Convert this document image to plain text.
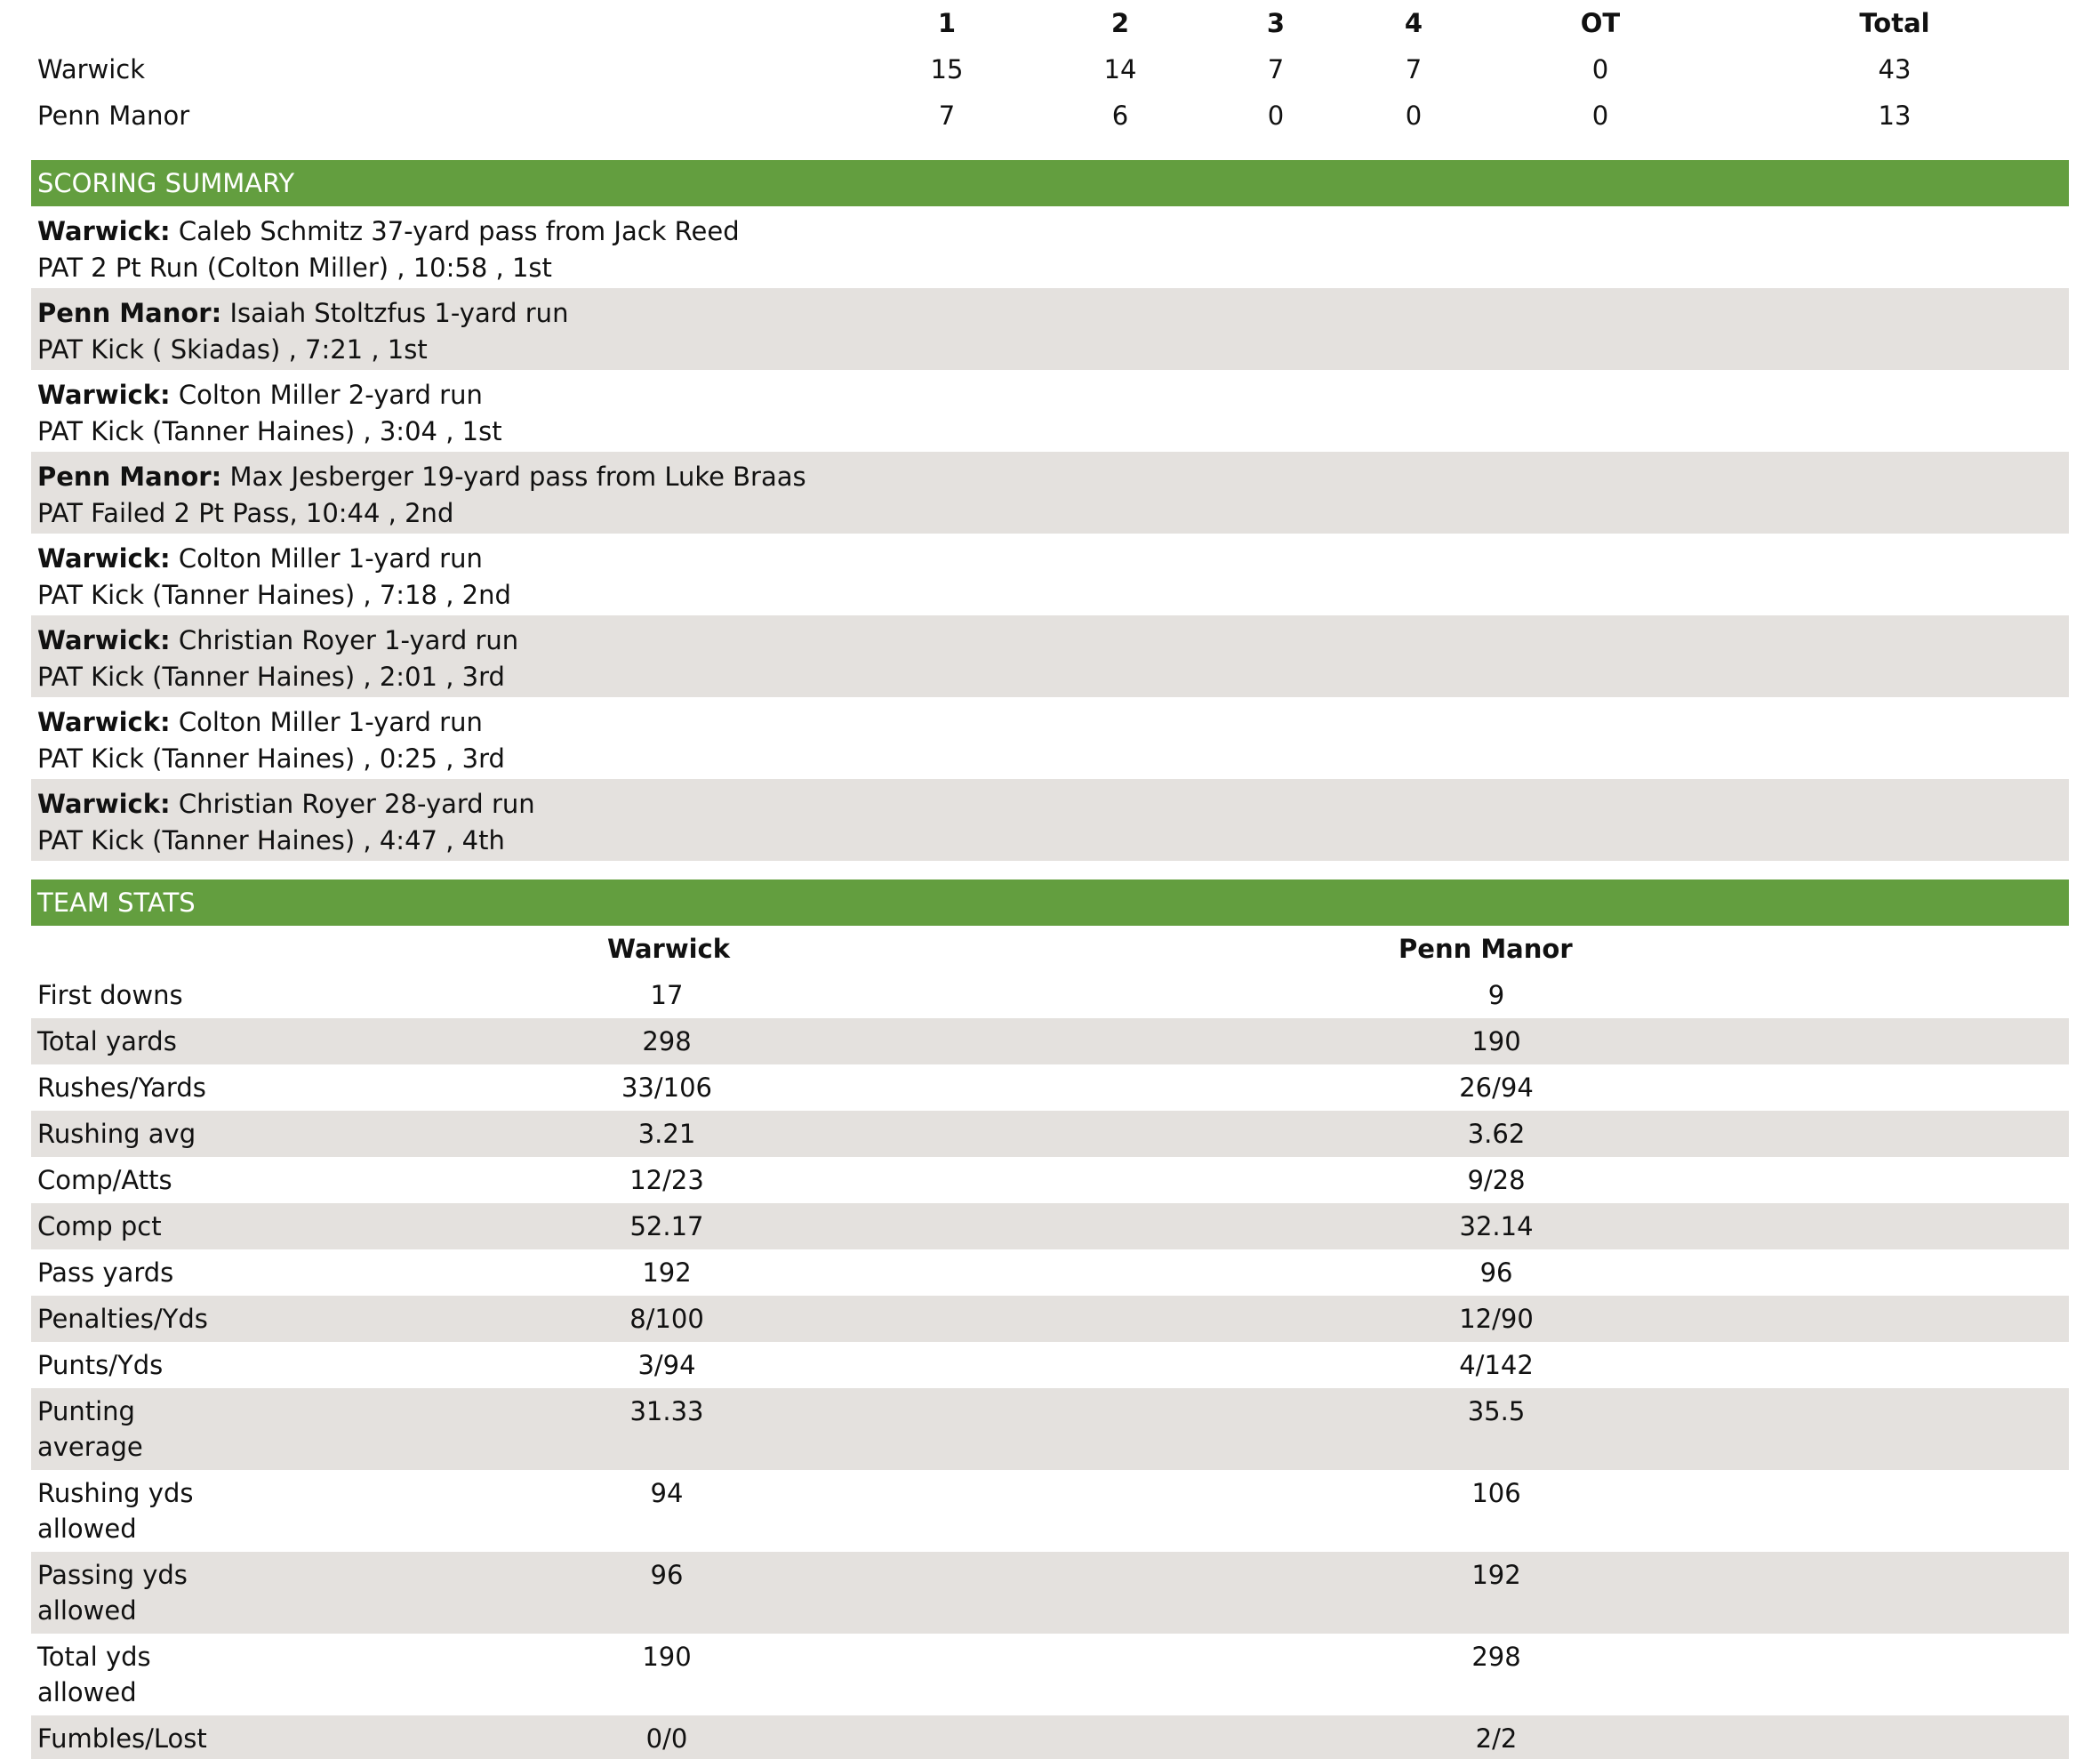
	1	2	3	4	OT	Total
Warwick	15	14	7	7	0	43
Penn Manor	7	6	0	0	0	13
SCORING SUMMARY
Warwick: Caleb Schmitz 37-yard pass from Jack Reed
PAT 2 Pt Run (Colton Miller) , 10:58 , 1st
Penn Manor: Isaiah Stoltzfus 1-yard run
PAT Kick ( Skiadas) , 7:21 , 1st
Warwick: Colton Miller 2-yard run
PAT Kick (Tanner Haines) , 3:04 , 1st
Penn Manor: Max Jesberger 19-yard pass from Luke Braas
PAT Failed 2 Pt Pass, 10:44 , 2nd
Warwick: Colton Miller 1-yard run
PAT Kick (Tanner Haines) , 7:18 , 2nd
Warwick: Christian Royer 1-yard run
PAT Kick (Tanner Haines) , 2:01 , 3rd
Warwick: Colton Miller 1-yard run
PAT Kick (Tanner Haines) , 0:25 , 3rd
Warwick: Christian Royer 28-yard run
PAT Kick (Tanner Haines) , 4:47 , 4th
TEAM STATS
	Warwick	Penn Manor

First downs	17	9

Total yards	298	190

Rushes/Yards	33/106	26/94

Rushing avg	3.21	3.62

Comp/Atts	12/23	9/28

Comp pct	52.17	32.14

Pass yards	192	96

Penalties/Yds	8/100	12/90

Punts/Yds	3/94	4/142

Punting average	31.33	35.5

Rushing yds allowed	94	106

Passing yds allowed	96	192

Total yds allowed	190	298

Fumbles/Lost	0/0	2/2
